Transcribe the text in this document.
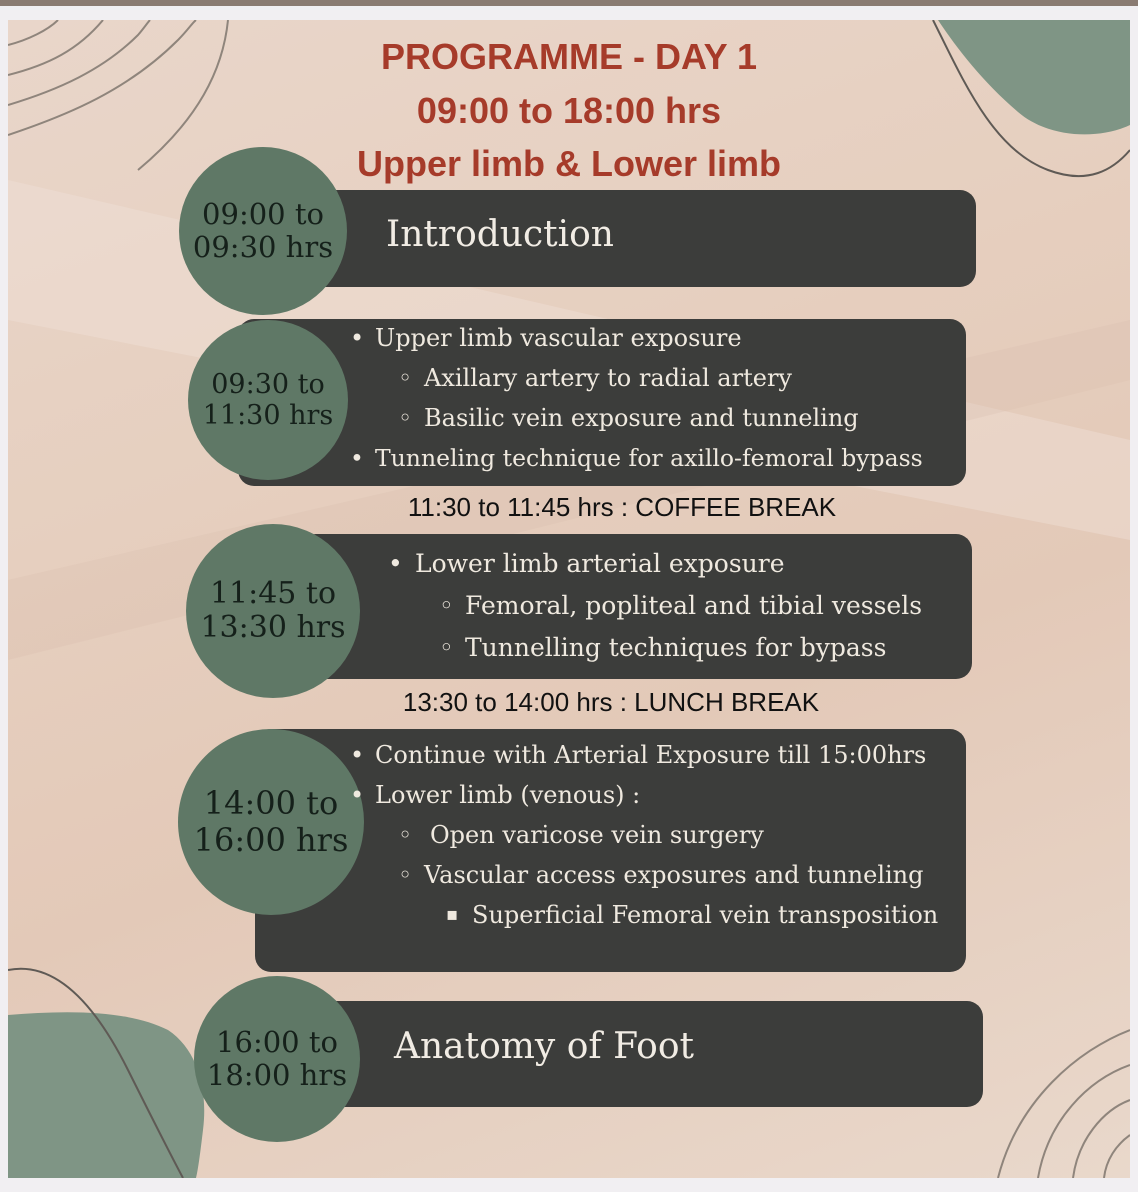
PROGRAMME - DAY 1
09:00 to 18:00 hrs
Upper limb & Lower limb
09:00 to
09:30 hrs Introduction
09:30 to
11:30 hrs
• Upper limb vascular exposure
◦ Axillary artery to radial artery
◦ Basilic vein exposure and tunneling
• Tunneling technique for axillo-femoral bypass
11:30 to 11:45 hrs : COFFEE BREAK
11:45 to
13:30 hrs
• Lower limb arterial exposure
◦ Femoral, popliteal and tibial vessels
◦ Tunnelling techniques for bypass
13:30 to 14:00 hrs : LUNCH BREAK
14:00 to
16:00 hrs
• Continue with Arterial Exposure till 15:00hrs
• Lower limb (venous) :
◦ Open varicose vein surgery
◦ Vascular access exposures and tunneling
▪ Superficial Femoral vein transposition
16:00 to
18:00 hrs
Anatomy of Foot
